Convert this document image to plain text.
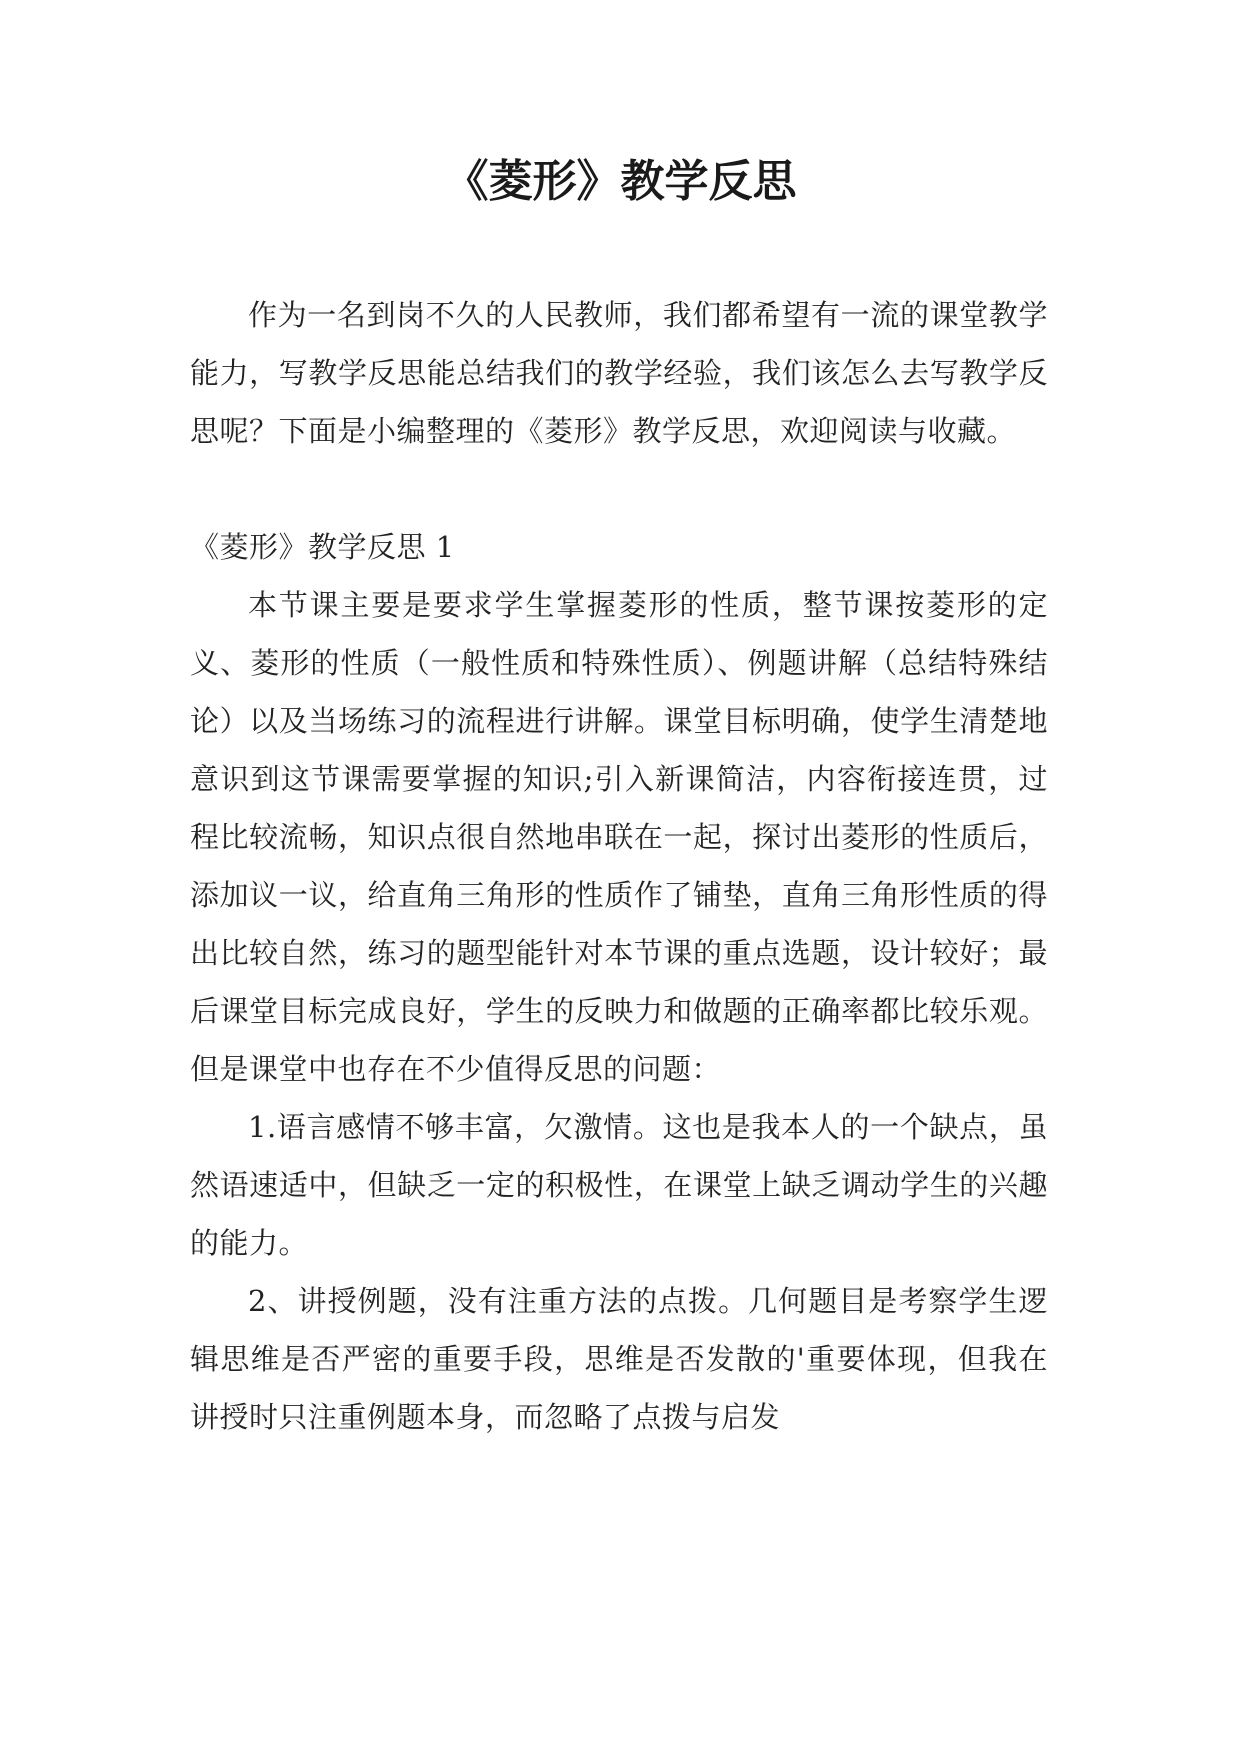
《菱形》教学反思

作为一名到岗不久的人民教师，我们都希望有一流的课堂教学能力，写教学反思能总结我们的教学经验，我们该怎么去写教学反思呢？下面是小编整理的《菱形》教学反思，欢迎阅读与收藏。

《菱形》教学反思 1

本节课主要是要求学生掌握菱形的性质，整节课按菱形的定义、菱形的性质（一般性质和特殊性质）、例题讲解（总结特殊结论）以及当场练习的流程进行讲解。课堂目标明确，使学生清楚地意识到这节课需要掌握的知识;引入新课简洁，内容衔接连贯，过程比较流畅，知识点很自然地串联在一起，探讨出菱形的性质后，添加议一议，给直角三角形的性质作了铺垫，直角三角形性质的得出比较自然，练习的题型能针对本节课的重点选题，设计较好；最后课堂目标完成良好，学生的反映力和做题的正确率都比较乐观。但是课堂中也存在不少值得反思的问题：

1.语言感情不够丰富，欠激情。这也是我本人的一个缺点，虽然语速适中，但缺乏一定的积极性，在课堂上缺乏调动学生的兴趣的能力。

2、讲授例题，没有注重方法的点拨。几何题目是考察学生逻辑思维是否严密的重要手段，思维是否发散的'重要体现，但我在讲授时只注重例题本身，而忽略了点拨与启发
